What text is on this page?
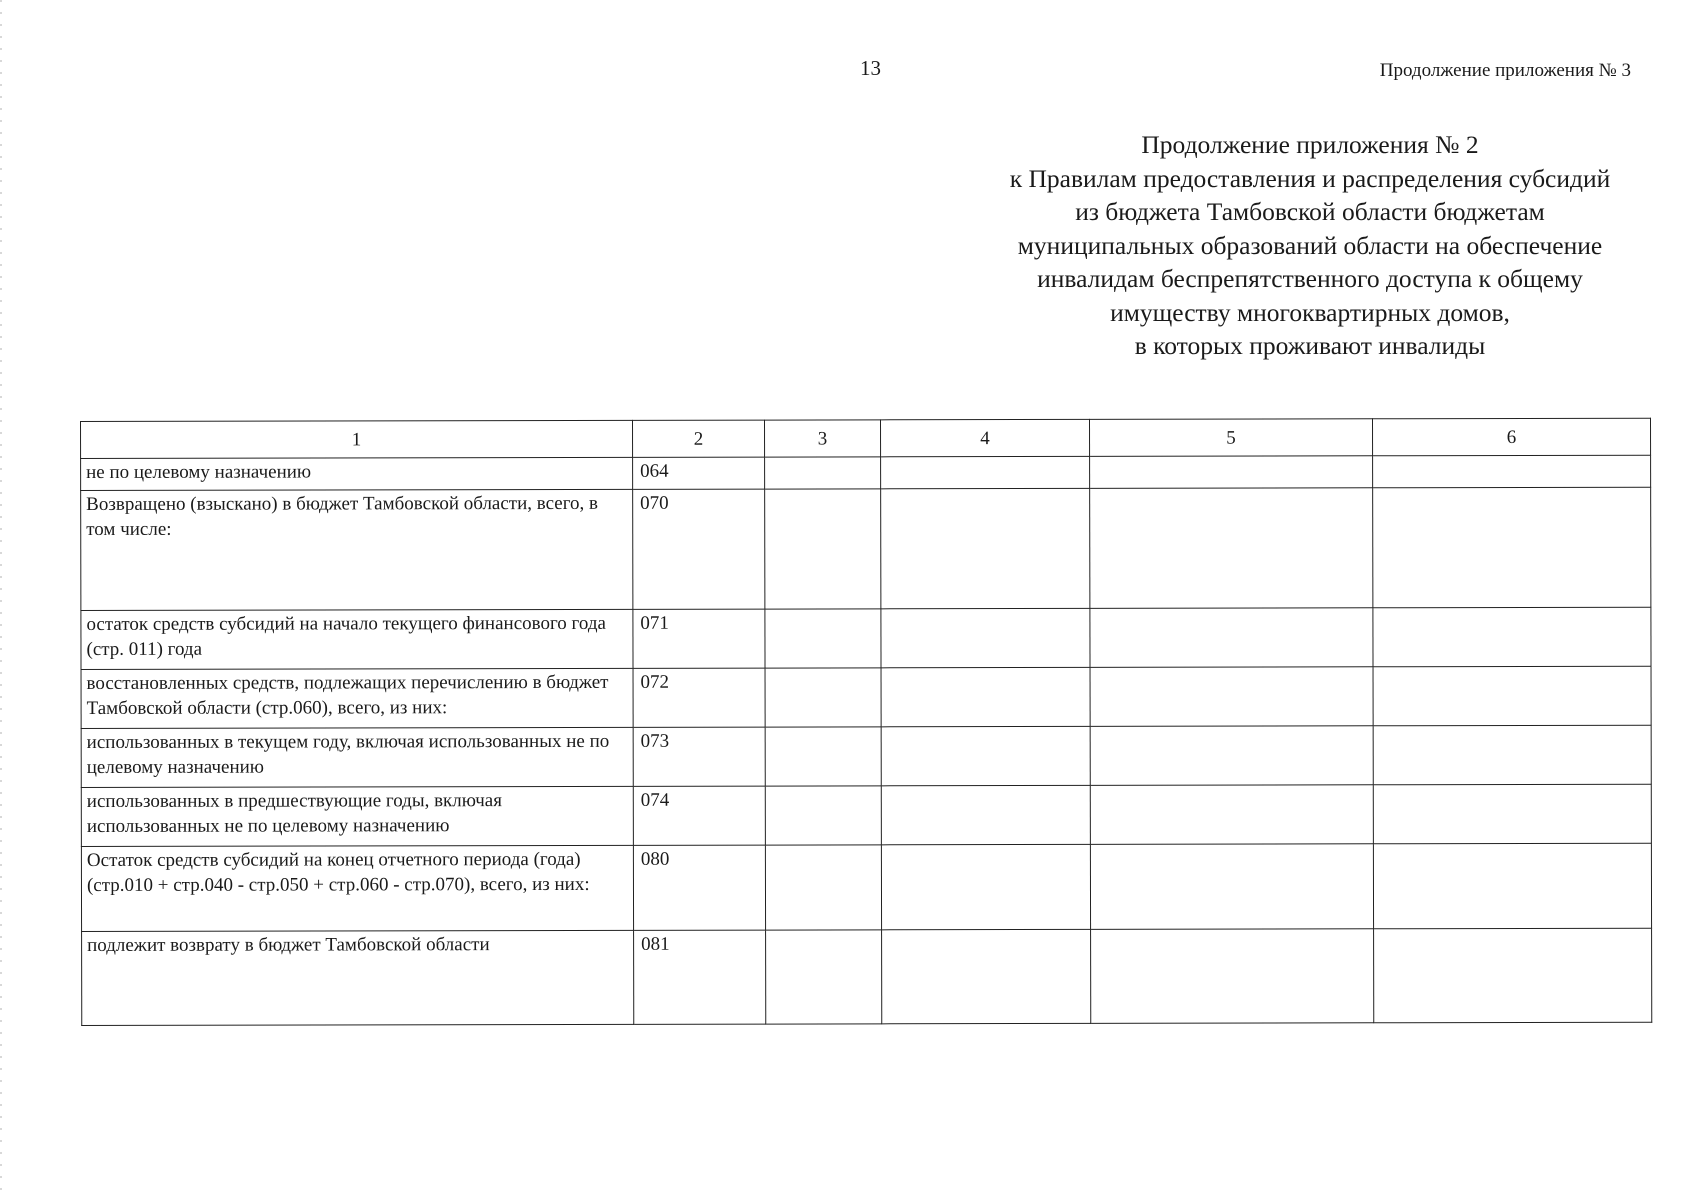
13	Продолжение приложения № 3
Продолжение приложения № 2
к Правилам предоставления и распределения субсидий
из бюджета Тамбовской области бюджетам
муниципальных образований области на обеспечение
инвалидам беспрепятственного доступа к общему
имуществу многоквартирных домов,
в которых проживают инвалиды
1	2	3	4	5	6
не по целевому назначению	064				
Возвращено (взыскано) в бюджет Тамбовской области, всего, в том числе:	070				
остаток средств субсидий на начало текущего финансового года (стр. 011) года	071				
восстановленных средств, подлежащих перечислению в бюджет Тамбовской области (стр.060), всего, из них:	072				
использованных в текущем году, включая использованных не по целевому назначению	073				
использованных в предшествующие годы, включая использованных не по целевому назначению	074				
Остаток средств субсидий на конец отчетного периода (года) (стр.010 + стр.040 - стр.050 + стр.060 - стр.070), всего, из них:	080				
подлежит возврату в бюджет Тамбовской области	081				
